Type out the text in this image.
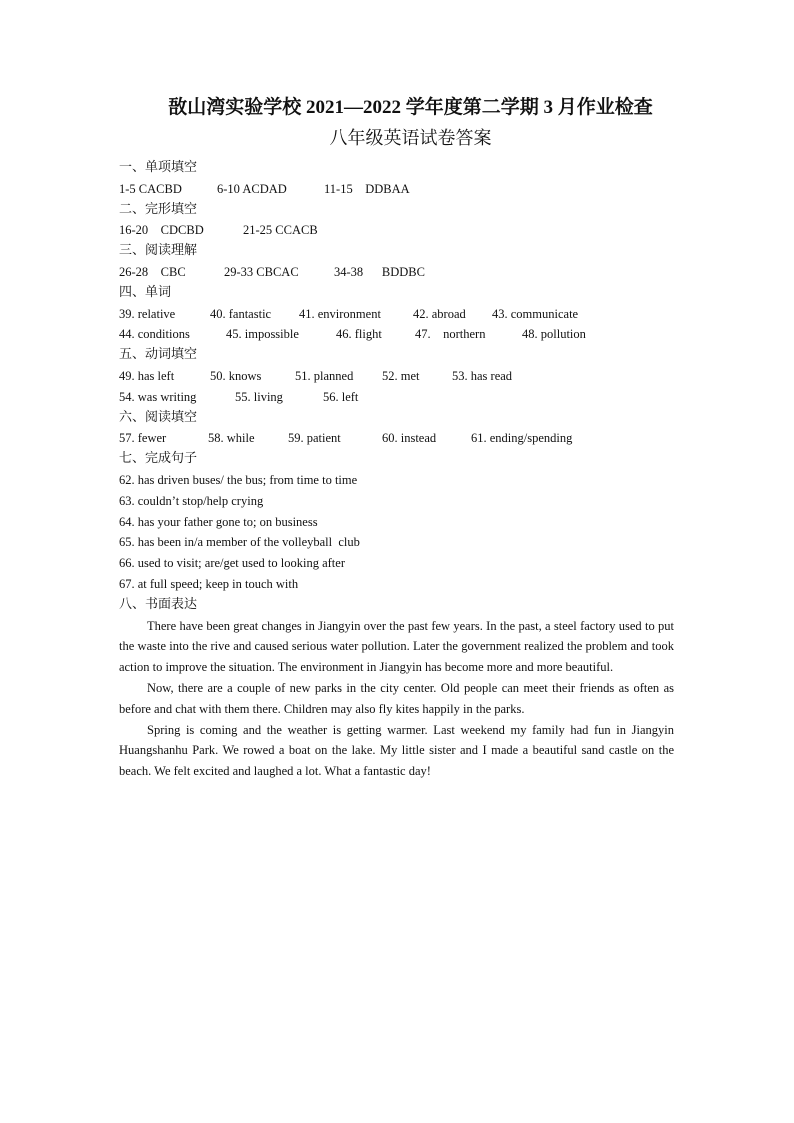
敔山湾实验学校 2021—2022 学年度第二学期 3 月作业检查
八年级英语试卷答案
一、单项填空
1-5 CACBD	6-10 ACDAD	11-15    DDBAA
二、完形填空
16-20    CDCBD	21-25 CCACB
三、阅读理解
26-28    CBC	29-33 CBCAC	34-38      BDDBC
四、单词
39. relative	40. fantastic	41. environment	42. abroad	43. communicate
44. conditions	45. impossible	46. flight	47.    northern	48. pollution
五、动词填空
49. has left	50. knows	51. planned	52. met	53. has read
54. was writing	55. living	56. left
六、阅读填空
57. fewer	58. while	59. patient	60. instead	61. ending/spending
七、完成句子
62. has driven buses/ the bus; from time to time
63. couldn’t stop/help crying
64. has your father gone to; on business
65. has been in/a member of the volleyball  club
66. used to visit; are/get used to looking after
67. at full speed; keep in touch with
八、书面表达

There have been great changes in Jiangyin over the past few years. In the past, a steel factory used to put the waste into the rive and caused serious water pollution. Later the government realized the problem and took action to improve the situation. The environment in Jiangyin has become more and more beautiful.

Now, there are a couple of new parks in the city center. Old people can meet their friends as often as before and chat with them there. Children may also fly kites happily in the parks.

Spring is coming and the weather is getting warmer. Last weekend my family had fun in Jiangyin Huangshanhu Park. We rowed a boat on the lake. My little sister and I made a beautiful sand castle on the beach. We felt excited and laughed a lot. What a fantastic day!
